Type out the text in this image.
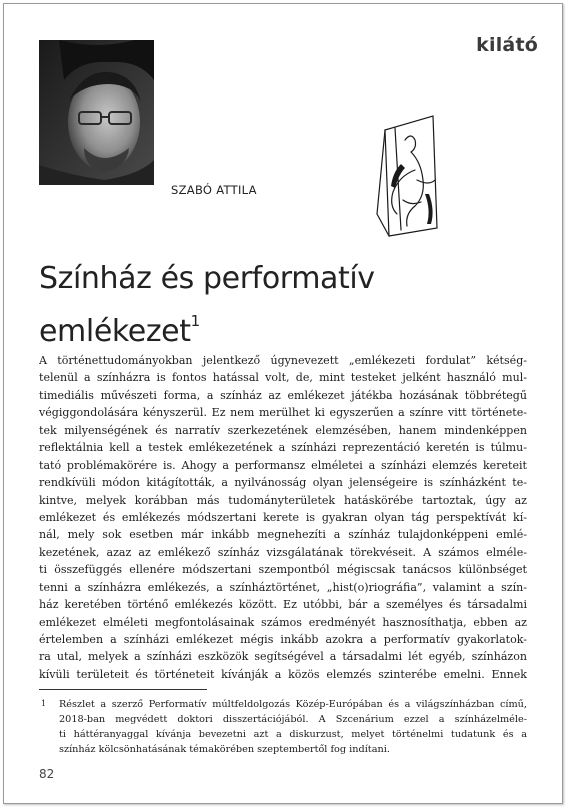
kilátó
SZABÓ ATTILA
Színház és performatív
emlékezet$^1$
A történettudományokban jelentkező úgynevezett „emlékezeti fordulat” kétség-
telenül a színházra is fontos hatással volt, de, mint testeket jelként használó mul-
timediális művészeti forma, a színház az emlékezet játékba hozásának többrétegű
végiggondolására kényszerül. Ez nem merülhet ki egyszerűen a színre vitt története-
tek milyenségének és narratív szerkezetének elemzésében, hanem mindenképpen
reflektálnia kell a testek emlékezetének a színházi reprezentáció keretén is túlmu-
tató problémakörére is. Ahogy a performansz elméletei a színházi elemzés kereteit
rendkívüli módon kitágították, a nyilvánosság olyan jelenségeire is színházként te-
kintve, melyek korábban más tudományterületek hatáskörébe tartoztak, úgy az
emlékezet és emlékezés módszertani kerete is gyakran olyan tág perspektívát kí-
nál, mely sok esetben már inkább megnehezíti a színház tulajdonképpeni emlé-
kezetének, azaz az emlékező színház vizsgálatának törekvéseit. A számos elméle-
ti összefüggés ellenére módszertani szempontból mégiscsak tanácsos különbséget
tenni a színházra emlékezés, a színháztörténet, „hist(o)riográfia”, valamint a szín-
ház keretében történő emlékezés között. Ez utóbbi, bár a személyes és társadalmi
emlékezet elméleti megfontolásainak számos eredményét hasznosíthatja, ebben az
értelemben a színházi emlékezet mégis inkább azokra a performatív gyakorlatok-
ra utal, melyek a színházi eszközök segítségével a társadalmi lét egyéb, színházon
kívüli területeit és történeteit kívánják a közös elemzés szinterébe emelni. Ennek
1	Részlet a szerző Performatív múltfeldolgozás Közép-Európában és a világszínházban című,
2018-ban megvédett doktori disszertációjából. A Szcenárium ezzel a színházelméle-
ti háttéranyaggal kívánja bevezetni azt a diskurzust, melyet történelmi tudatunk és a
színház kölcsönhatásának témakörében szeptembertől fog indítani.
82
